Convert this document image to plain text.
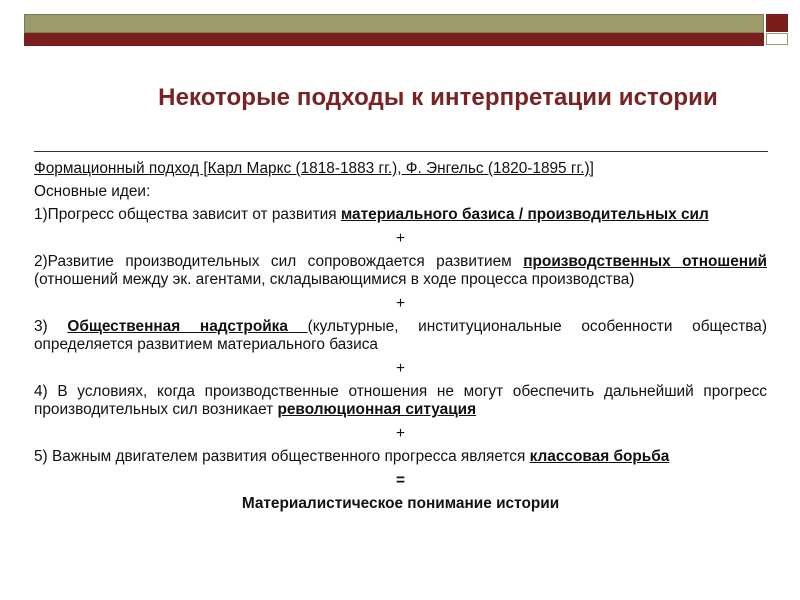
Некоторые подходы к интерпретации истории

Формационный подход [Карл Маркс (1818-1883 гг.), Ф. Энгельс (1820-1895 гг.)]

Основные идеи:

1)Прогресс общества зависит от развития материального базиса / производительных сил

+

2)Развитие производительных сил сопровождается развитием производственных отношений (отношений между эк. агентами, складывающимися в ходе процесса производства)

+

3) Общественная надстройка (культурные, институциональные особенности общества) определяется развитием материального базиса

+

4) В условиях, когда производственные отношения не могут обеспечить дальнейший прогресс производительных сил возникает революционная ситуация

+

5) Важным двигателем развития общественного прогресса является классовая борьба

=

Материалистическое понимание истории
